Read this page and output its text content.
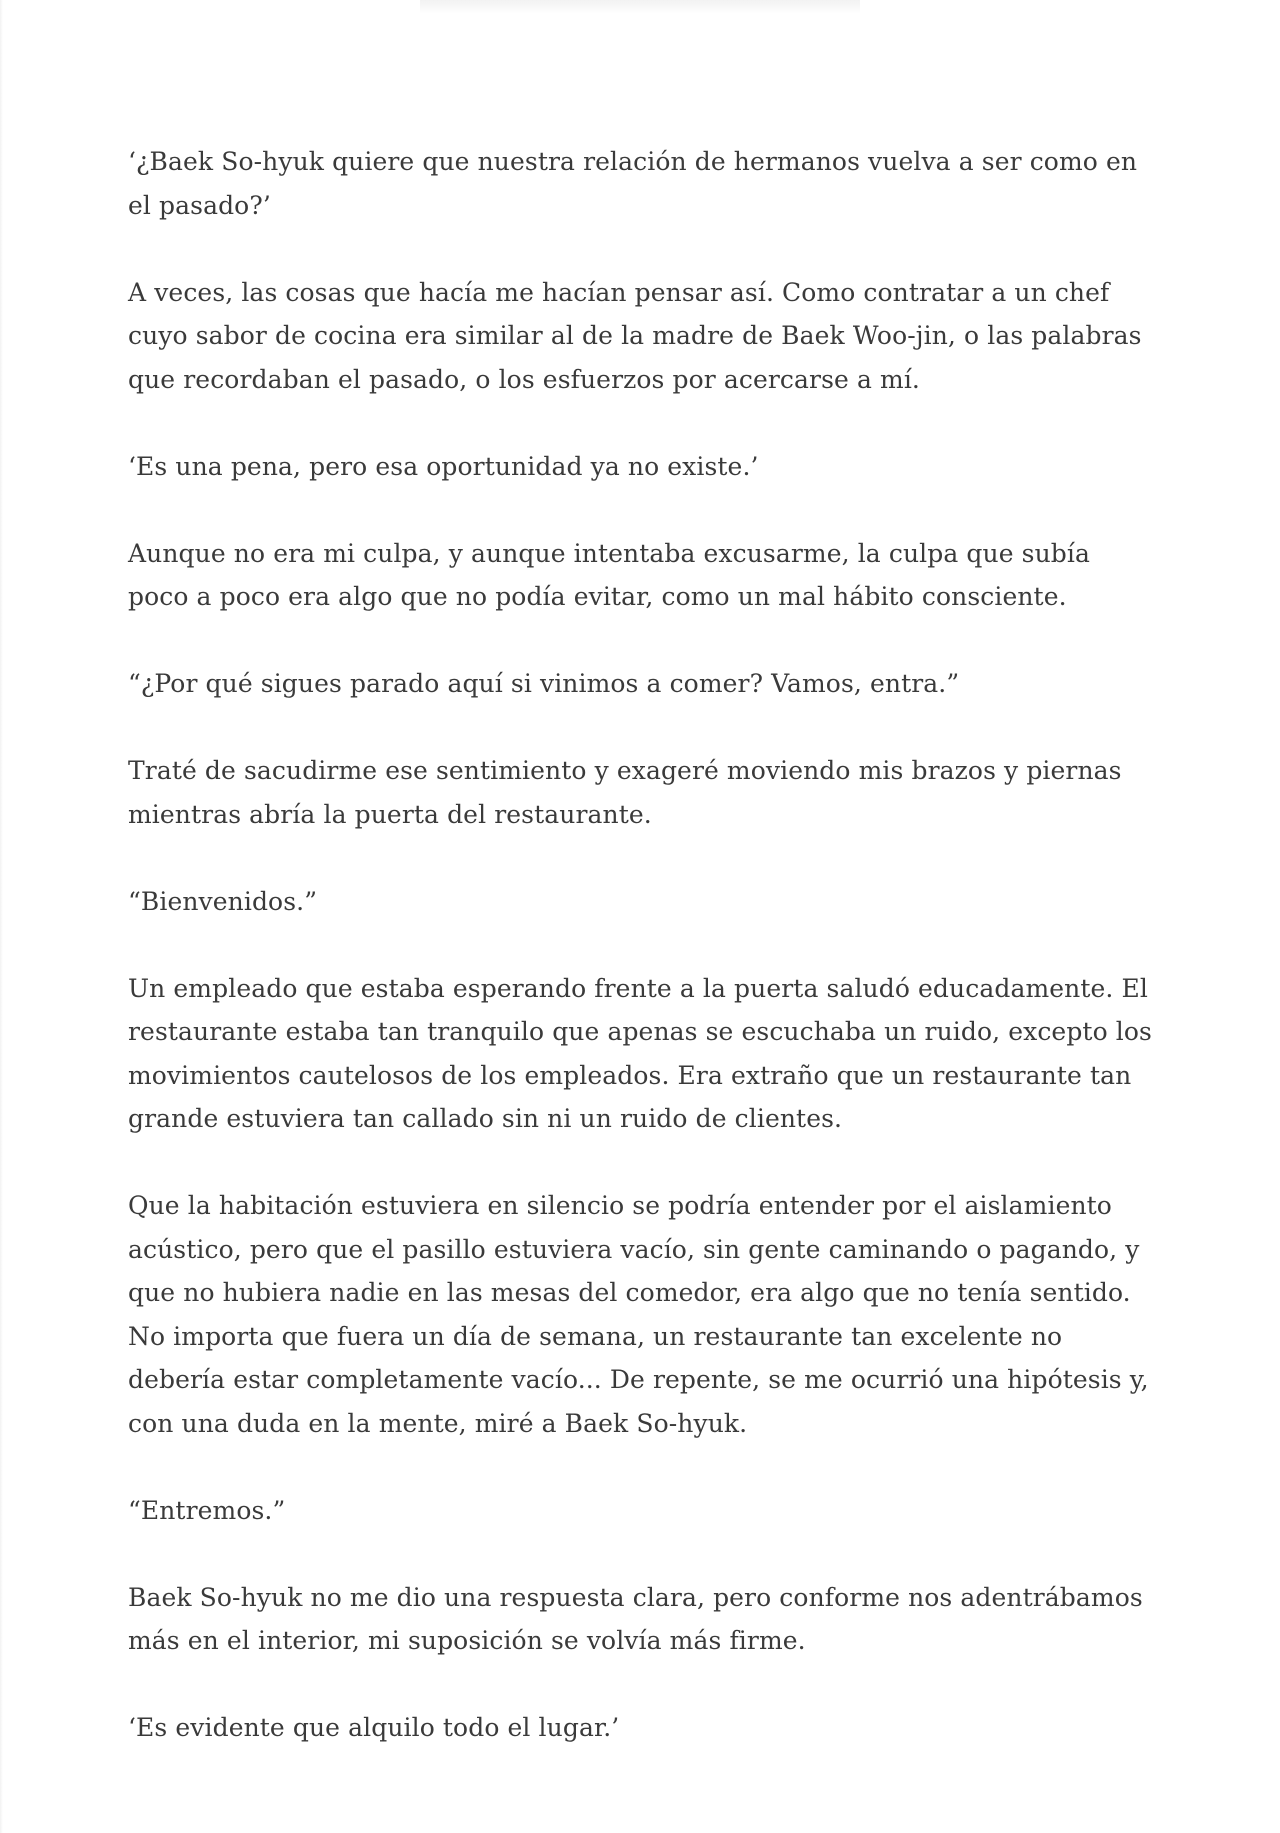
‘¿Baek So-hyuk quiere que nuestra relación de hermanos vuelva a ser como en el pasado?’

A veces, las cosas que hacía me hacían pensar así. Como contratar a un chef cuyo sabor de cocina era similar al de la madre de Baek Woo-jin, o las palabras que recordaban el pasado, o los esfuerzos por acercarse a mí.

‘Es una pena, pero esa oportunidad ya no existe.’

Aunque no era mi culpa, y aunque intentaba excusarme, la culpa que subía poco a poco era algo que no podía evitar, como un mal hábito consciente.

“¿Por qué sigues parado aquí si vinimos a comer? Vamos, entra.”

Traté de sacudirme ese sentimiento y exageré moviendo mis brazos y piernas mientras abría la puerta del restaurante.

“Bienvenidos.”

Un empleado que estaba esperando frente a la puerta saludó educadamente. El restaurante estaba tan tranquilo que apenas se escuchaba un ruido, excepto los movimientos cautelosos de los empleados. Era extraño que un restaurante tan grande estuviera tan callado sin ni un ruido de clientes.

Que la habitación estuviera en silencio se podría entender por el aislamiento acústico, pero que el pasillo estuviera vacío, sin gente caminando o pagando, y que no hubiera nadie en las mesas del comedor, era algo que no tenía sentido. No importa que fuera un día de semana, un restaurante tan excelente no debería estar completamente vacío... De repente, se me ocurrió una hipótesis y, con una duda en la mente, miré a Baek So-hyuk.

“Entremos.”

Baek So-hyuk no me dio una respuesta clara, pero conforme nos adentrábamos más en el interior, mi suposición se volvía más firme.

‘Es evidente que alquilo todo el lugar.’
